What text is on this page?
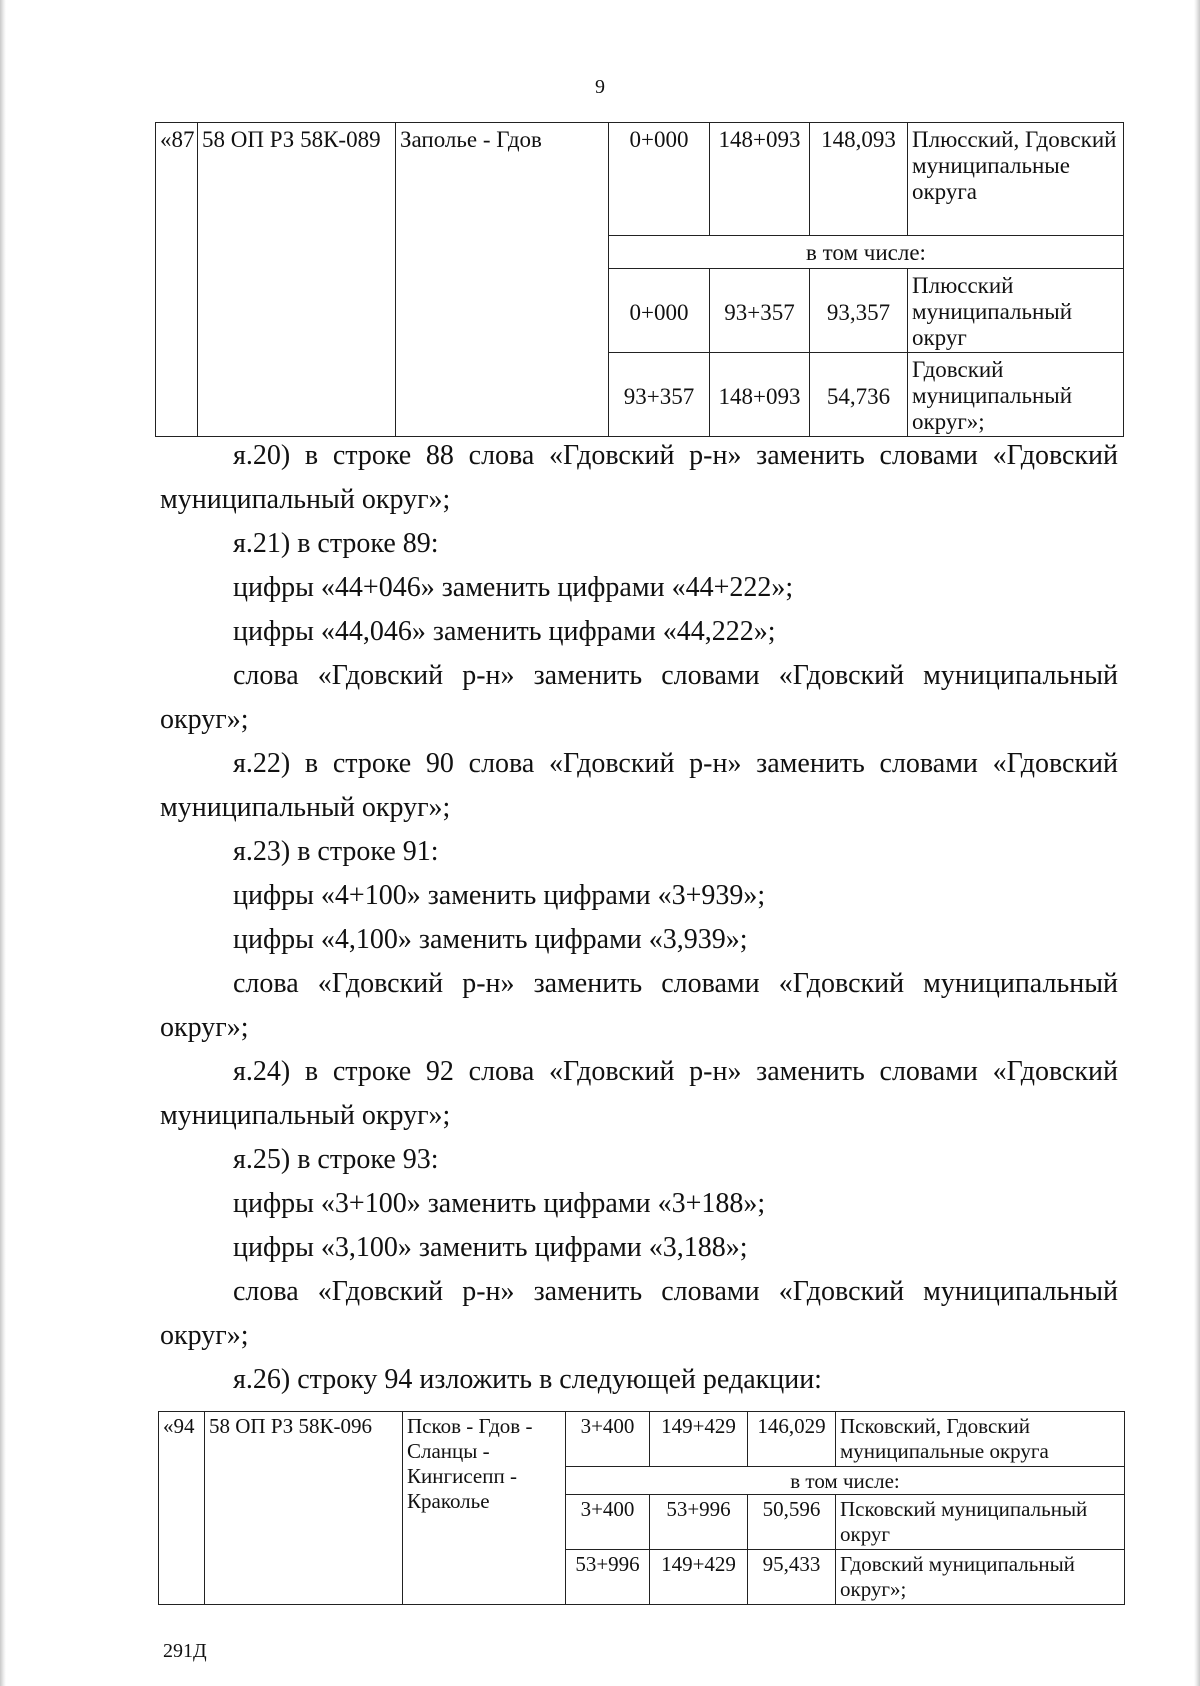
9
«87	58 ОП РЗ 58К-089	Заполье - Гдов	0+000	148+093	148,093	Плюсский, Гдовский муниципальные округа
			в том числе:			
			0+000	93+357	93,357	Плюсский муниципальный округ
			93+357	148+093	54,736	Гдовский муниципальный округ»;
я.20) в строке 88 слова «Гдовский р-н» заменить словами «Гдовский
муниципальный округ»;
я.21) в строке 89:
цифры «44+046» заменить цифрами «44+222»;
цифры «44,046» заменить цифрами «44,222»;
слова «Гдовский р-н» заменить словами «Гдовский муниципальный
округ»;
я.22) в строке 90 слова «Гдовский р-н» заменить словами «Гдовский
муниципальный округ»;
я.23) в строке 91:
цифры «4+100» заменить цифрами «3+939»;
цифры «4,100» заменить цифрами «3,939»;
слова «Гдовский р-н» заменить словами «Гдовский муниципальный
округ»;
я.24) в строке 92 слова «Гдовский р-н» заменить словами «Гдовский
муниципальный округ»;
я.25) в строке 93:
цифры «3+100» заменить цифрами «3+188»;
цифры «3,100» заменить цифрами «3,188»;
слова «Гдовский р-н» заменить словами «Гдовский муниципальный
округ»;
я.26) строку 94 изложить в следующей редакции:
«94	58 ОП РЗ 58К-096	Псков - Гдов - Сланцы - Кингисепп - Краколье	3+400	149+429	146,029	Псковский, Гдовский муниципальные округа
			в том числе:			
			3+400	53+996	50,596	Псковский муниципальный округ
			53+996	149+429	95,433	Гдовский муниципальный округ»;
291Д
